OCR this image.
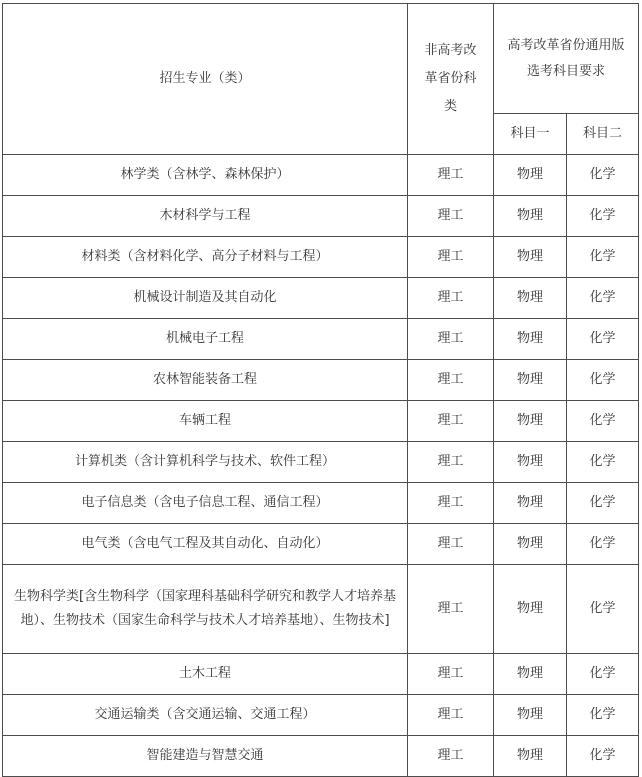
招生专业（类）	非高考改革省份科类	高考改革省份通用版选考科目要求	
		科目一	科目二
林学类（含林学、森林保护）	理工	物理	化学
木材科学与工程	理工	物理	化学
材料类（含材料化学、高分子材料与工程）	理工	物理	化学
机械设计制造及其自动化	理工	物理	化学
机械电子工程	理工	物理	化学
农林智能装备工程	理工	物理	化学
车辆工程	理工	物理	化学
计算机类（含计算机科学与技术、软件工程）	理工	物理	化学
电子信息类（含电子信息工程、通信工程）	理工	物理	化学
电气类（含电气工程及其自动化、自动化）	理工	物理	化学
生物科学类[含生物科学（国家理科基础科学研究和教学人才培养基地）、生物技术（国家生命科学与技术人才培养基地）、生物技术]	理工	物理	化学
土木工程	理工	物理	化学
交通运输类（含交通运输、交通工程）	理工	物理	化学
智能建造与智慧交通	理工	物理	化学
